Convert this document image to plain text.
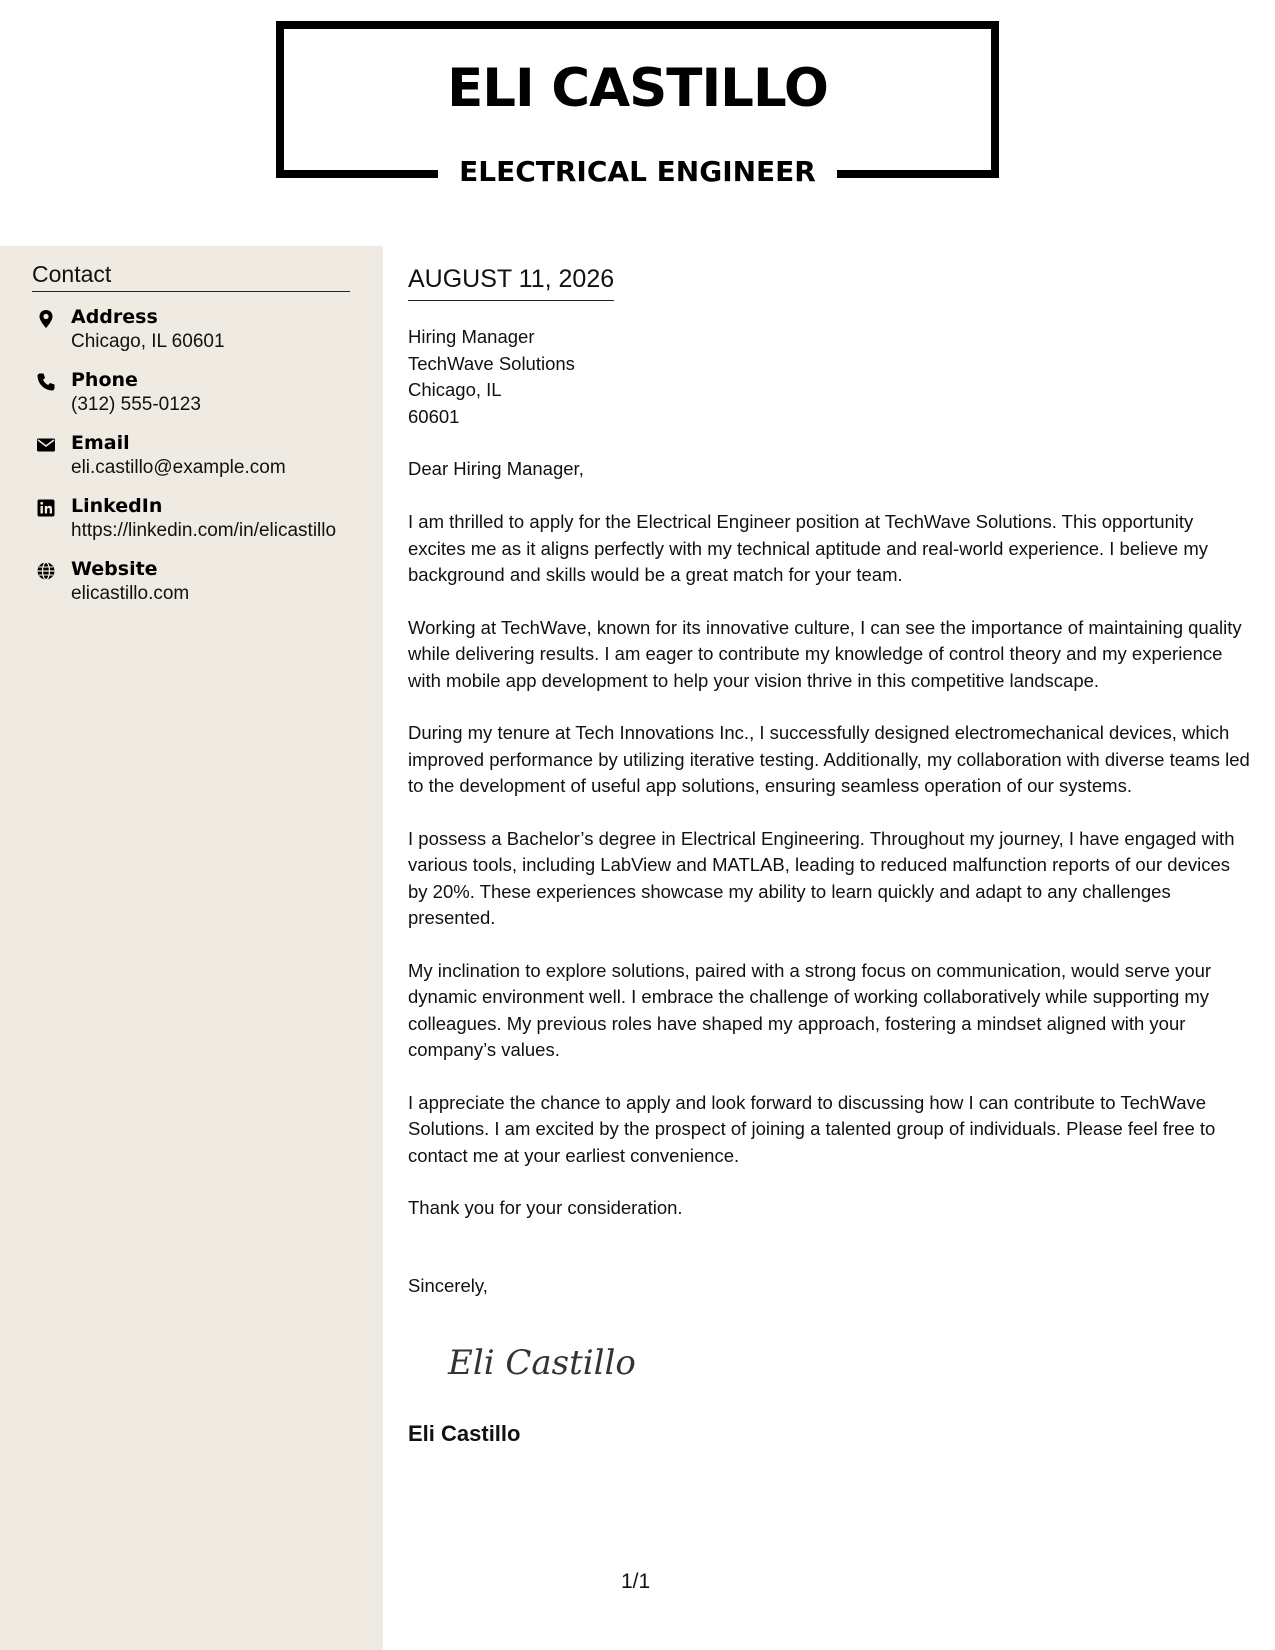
ELI CASTILLO
ELECTRICAL ENGINEER
Contact
Address
Chicago, IL 60601
Phone
(312) 555-0123
Email
eli.castillo@example.com
LinkedIn
https://linkedin.com/in/elicastillo
Website
elicastillo.com
AUGUST 11, 2026
Hiring Manager
TechWave Solutions
Chicago, IL
60601
Dear Hiring Manager,

I am thrilled to apply for the Electrical Engineer position at TechWave Solutions. This opportunity excites me as it aligns perfectly with my technical aptitude and real-world experience. I believe my background and skills would be a great match for your team.

Working at TechWave, known for its innovative culture, I can see the importance of maintaining quality while delivering results. I am eager to contribute my knowledge of control theory and my experience with mobile app development to help your vision thrive in this competitive landscape.

During my tenure at Tech Innovations Inc., I successfully designed electromechanical devices, which improved performance by utilizing iterative testing. Additionally, my collaboration with diverse teams led to the development of useful app solutions, ensuring seamless operation of our systems.

I possess a Bachelor’s degree in Electrical Engineering. Throughout my journey, I have engaged with various tools, including LabView and MATLAB, leading to reduced malfunction reports of our devices by 20%. These experiences showcase my ability to learn quickly and adapt to any challenges presented.

My inclination to explore solutions, paired with a strong focus on communication, would serve your dynamic environment well. I embrace the challenge of working collaboratively while supporting my colleagues. My previous roles have shaped my approach, fostering a mindset aligned with your company’s values.

I appreciate the chance to apply and look forward to discussing how I can contribute to TechWave Solutions. I am excited by the prospect of joining a talented group of individuals. Please feel free to contact me at your earliest convenience.

Thank you for your consideration.

Sincerely,
Eli Castillo
Eli Castillo
1/1
